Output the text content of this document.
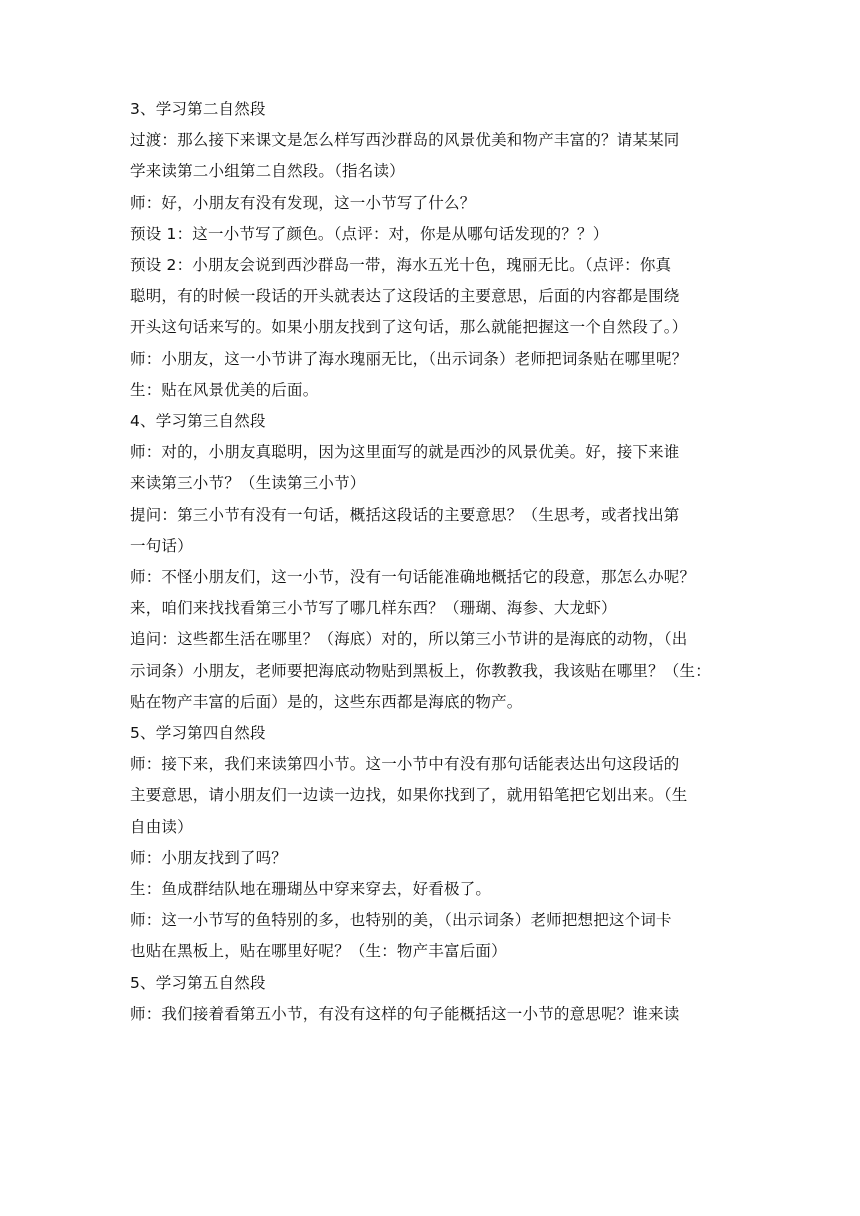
3、学习第二自然段

过渡：那么接下来课文是怎么样写西沙群岛的风景优美和物产丰富的？请某某同
学来读第二小组第二自然段。（指名读）

师：好，小朋友有没有发现，这一小节写了什么？

预设 1：这一小节写了颜色。（点评：对，你是从哪句话发现的？？）

预设 2：小朋友会说到西沙群岛一带，海水五光十色，瑰丽无比。（点评：你真
聪明，有的时候一段话的开头就表达了这段话的主要意思，后面的内容都是围绕
开头这句话来写的。如果小朋友找到了这句话，那么就能把握这一个自然段了。）

师：小朋友，这一小节讲了海水瑰丽无比，（出示词条）老师把词条贴在哪里呢？

生：贴在风景优美的后面。

4、学习第三自然段

师：对的，小朋友真聪明，因为这里面写的就是西沙的风景优美。好，接下来谁
来读第三小节？（生读第三小节）

提问：第三小节有没有一句话，概括这段话的主要意思？（生思考，或者找出第
一句话）

师：不怪小朋友们，这一小节，没有一句话能准确地概括它的段意，那怎么办呢？
来，咱们来找找看第三小节写了哪几样东西？（珊瑚、海参、大龙虾）

追问：这些都生活在哪里？（海底）对的，所以第三小节讲的是海底的动物，（出
示词条）小朋友，老师要把海底动物贴到黑板上，你教教我，我该贴在哪里？（生：
贴在物产丰富的后面）是的，这些东西都是海底的物产。

5、学习第四自然段

师：接下来，我们来读第四小节。这一小节中有没有那句话能表达出句这段话的
主要意思，请小朋友们一边读一边找，如果你找到了，就用铅笔把它划出来。（生
自由读）

师：小朋友找到了吗？

生：鱼成群结队地在珊瑚丛中穿来穿去，好看极了。

师：这一小节写的鱼特别的多，也特别的美，（出示词条）老师把想把这个词卡
也贴在黑板上，贴在哪里好呢？（生：物产丰富后面）

5、学习第五自然段

师：我们接着看第五小节，有没有这样的句子能概括这一小节的意思呢？谁来读
